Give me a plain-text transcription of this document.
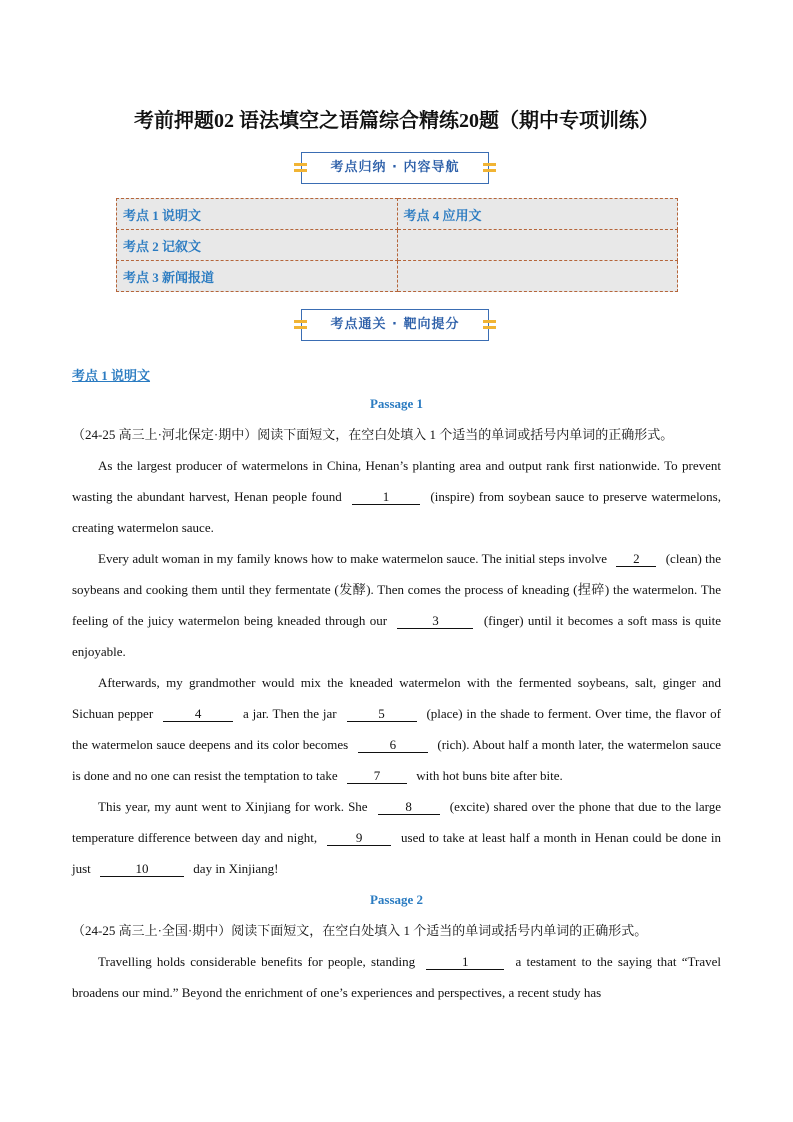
考前押题02 语法填空之语篇综合精练20题（期中专项训练）
考点归纳 · 内容导航
考点 1 说明文	考点 4 应用文
考点 2 记叙文	
考点 3 新闻报道	
考点通关 · 靶向提分
考点 1 说明文
Passage 1
（24-25 高三上·河北保定·期中）阅读下面短文，在空白处填入 1 个适当的单词或括号内单词的正确形式。

As the largest producer of watermelons in China, Henan’s planting area and output rank first nationwide. To prevent wasting the abundant harvest, Henan people found	1	(inspire) from soybean sauce to preserve watermelons, creating watermelon sauce.

Every adult woman in my family knows how to make watermelon sauce. The initial steps involve 2 (clean) the soybeans and cooking them until they fermentate (发酵). Then comes the process of kneading (捏碎) the watermelon. The feeling of the juicy watermelon being kneaded through our	3	(finger) until it becomes a soft mass is quite enjoyable.

Afterwards, my grandmother would mix the kneaded watermelon with the fermented soybeans, salt, ginger and Sichuan pepper	4	a jar. Then the jar	5	(place) in the shade to ferment. Over time, the flavor of the watermelon sauce deepens and its color becomes	6	(rich). About half a month later, the watermelon sauce is done and no one can resist the temptation to take	7	with hot buns bite after bite.

This year, my aunt went to Xinjiang for work. She	8	(excite) shared over the phone that due to the large temperature difference between day and night,	9	used to take at least half a month in Henan could be done in just	10	day in Xinjiang!

Passage 2
（24-25 高三上·全国·期中）阅读下面短文，在空白处填入 1 个适当的单词或括号内单词的正确形式。

Travelling holds considerable benefits for people, standing	1	a testament to the saying that “Travel broadens our mind.” Beyond the enrichment of one’s experiences and perspectives, a recent study has
